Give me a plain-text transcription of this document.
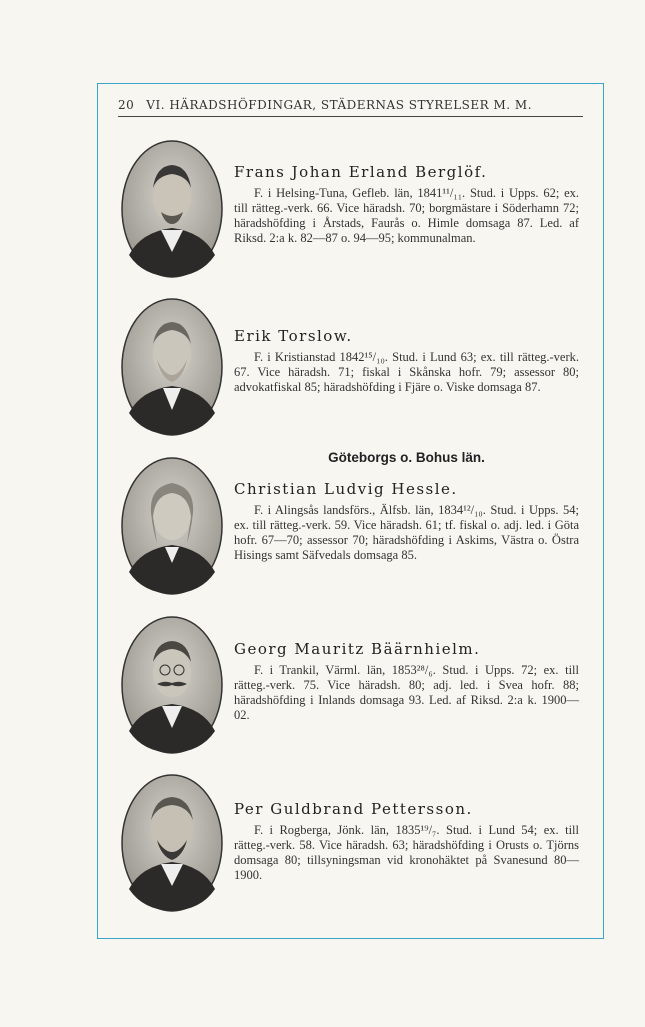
20 VI. HÄRADSHÖFDINGAR, STÄDERNAS STYRELSER M. M.
Frans Johan Erland Berglöf.

F. i Helsing-Tuna, Gefleb. län, 1841¹¹/₁₁. Stud. i Upps. 62; ex. till rätteg.-verk. 66. Vice häradsh. 70; borgmästare i Söderhamn 72; häradshöfding i Årstads, Faurås o. Himle domsaga 87. Led. af Riksd. 2:a k. 82—87 o. 94—95; kommunalman.

Erik Torslow.

F. i Kristianstad 1842¹⁵/₁₀. Stud. i Lund 63; ex. till rätteg.-verk. 67. Vice häradsh. 71; fiskal i Skånska hofr. 79; assessor 80; advokatfiskal 85; häradshöfding i Fjäre o. Viske domsaga 87.

Göteborgs o. Bohus län.
Christian Ludvig Hessle.

F. i Alingsås landsförs., Älfsb. län, 1834¹²/₁₀. Stud. i Upps. 54; ex. till rätteg.-verk. 59. Vice häradsh. 61; tf. fiskal o. adj. led. i Göta hofr. 67—70; assessor 70; häradshöfding i Askims, Västra o. Östra Hisings samt Säfvedals domsaga 85.

Georg Mauritz Bäärnhielm.

F. i Trankil, Värml. län, 1853²⁸/₆. Stud. i Upps. 72; ex. till rätteg.-verk. 75. Vice häradsh. 80; adj. led. i Svea hofr. 88; häradshöfding i Inlands domsaga 93. Led. af Riksd. 2:a k. 1900—02.

Per Guldbrand Pettersson.

F. i Rogberga, Jönk. län, 1835¹⁹/₇. Stud. i Lund 54; ex. till rätteg.-verk. 58. Vice häradsh. 63; häradshöfding i Orusts o. Tjörns domsaga 80; tillsyningsman vid kronohäktet på Svanesund 80—1900.
